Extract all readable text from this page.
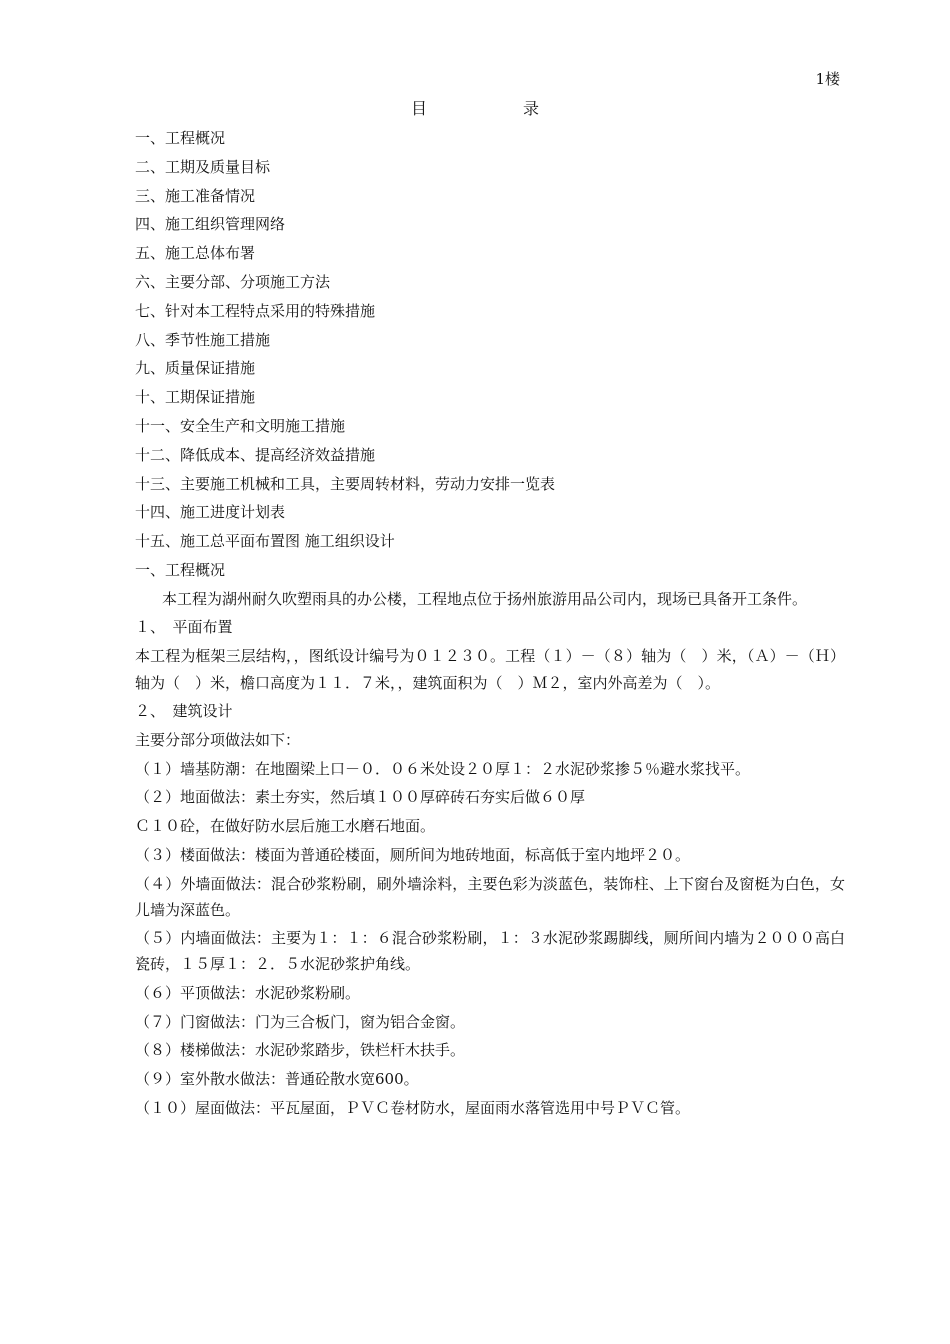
1楼
目	录
一、工程概况
二、工期及质量目标
三、施工准备情况
四、施工组织管理网络
五、施工总体布署
六、主要分部、分项施工方法
七、针对本工程特点采用的特殊措施
八、季节性施工措施
九、质量保证措施
十、工期保证措施
十一、安全生产和文明施工措施
十二、降低成本、提高经济效益措施
十三、主要施工机械和工具，主要周转材料，劳动力安排一览表
十四、施工进度计划表
十五、施工总平面布置图 施工组织设计
一、工程概况
本工程为湖州耐久吹塑雨具的办公楼，工程地点位于扬州旅游用品公司内，现场已具备开工条件。
１、　平面布置
本工程为框架三层结构，，图纸设计编号为０１２３０。工程（１）－（８）轴为（　）米，（Ａ）－（Ｈ）轴为（　）米，檐口高度为１１．７米，，建筑面积为（　）Ｍ２，室内外高差为（　）。
２、　建筑设计
主要分部分项做法如下：
（１）墙基防潮：在地圈梁上口－０．０６米处设２０厚１：２水泥砂浆掺５％避水浆找平。
（２）地面做法：素土夯实，然后填１００厚碎砖石夯实后做６０厚
Ｃ１０砼，在做好防水层后施工水磨石地面。
（３）楼面做法：楼面为普通砼楼面，厕所间为地砖地面，标高低于室内地坪２０。
（４）外墙面做法：混合砂浆粉刷，刷外墙涂料，主要色彩为淡蓝色，装饰柱、上下窗台及窗梃为白色，女儿墙为深蓝色。
（５）内墙面做法：主要为１：１：６混合砂浆粉刷，１：３水泥砂浆踢脚线，厕所间内墙为２０００高白瓷砖，１５厚１：２．５水泥砂浆护角线。
（６）平顶做法：水泥砂浆粉刷。
（７）门窗做法：门为三合板门，窗为铝合金窗。
（８）楼梯做法：水泥砂浆踏步，铁栏杆木扶手。
（９）室外散水做法：普通砼散水宽600。
（１０）屋面做法：平瓦屋面，ＰＶＣ卷材防水，屋面雨水落管选用中号ＰＶＣ管。
